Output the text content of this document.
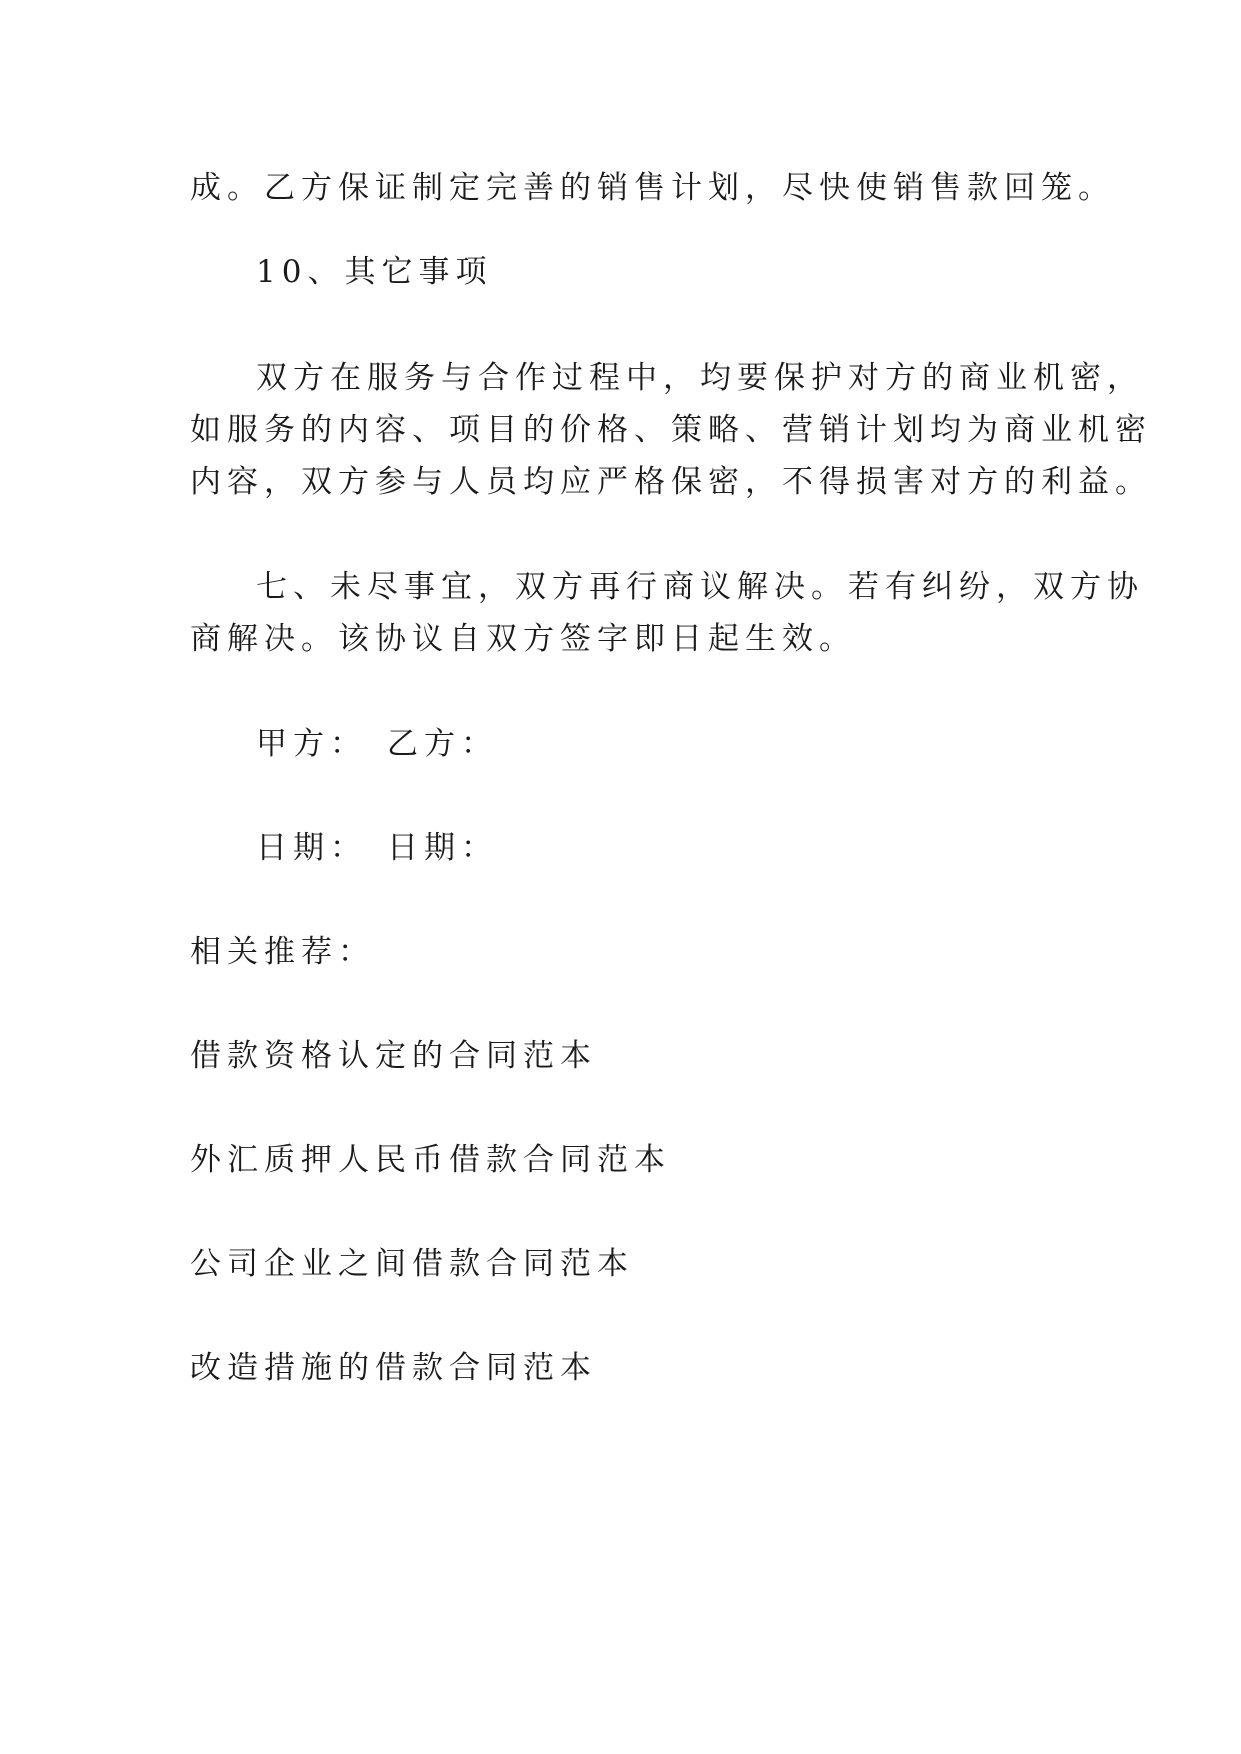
成。乙方保证制定完善的销售计划，尽快使销售款回笼。
10、其它事项
双方在服务与合作过程中，均要保护对方的商业机密，
如服务的内容、项目的价格、策略、营销计划均为商业机密
内容，双方参与人员均应严格保密，不得损害对方的利益。
七、未尽事宜，双方再行商议解决。若有纠纷，双方协
商解决。该协议自双方签字即日起生效。
甲方： 乙方：
日期： 日期：
相关推荐：
借款资格认定的合同范本
外汇质押人民币借款合同范本
公司企业之间借款合同范本
改造措施的借款合同范本
